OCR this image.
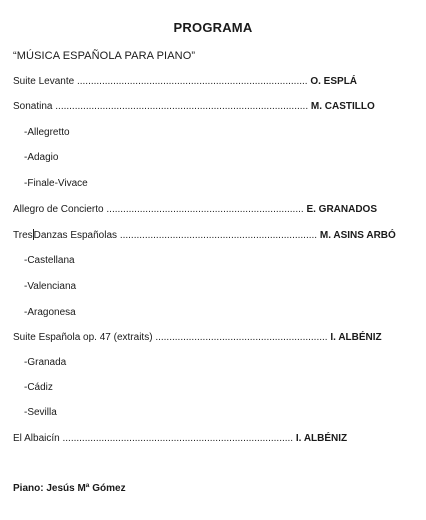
PROGRAMA
“MÚSICA ESPAÑOLA PARA PIANO”
Suite Levante ................................................................................... O. ESPLÁ
Sonatina ........................................................................................... M. CASTILLO
-Allegretto
-Adagio
-Finale-Vivace
Allegro de Concierto ....................................................................... E. GRANADOS
TresDanzas Españolas ....................................................................... M. ASINS ARBÓ
-Castellana
-Valenciana
-Aragonesa
Suite Española op. 47 (extraits) .............................................................. I. ALBÉNIZ
-Granada
-Cádiz
-Sevilla
El Albaicín ................................................................................... I. ALBÉNIZ
Piano: Jesús Mª Gómez
